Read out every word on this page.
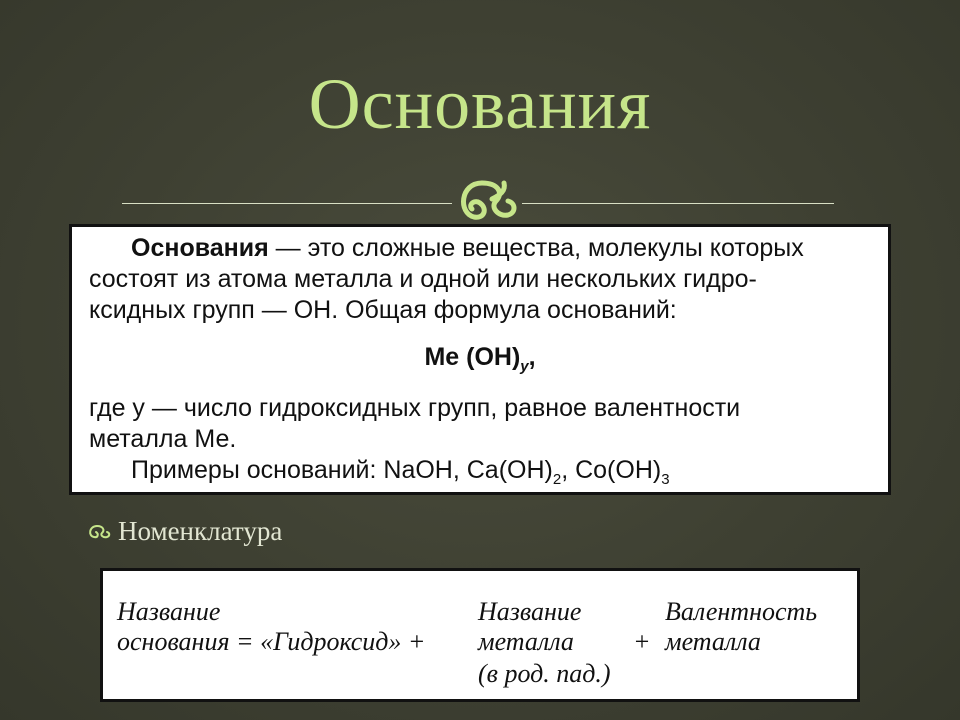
Основания
Основания — это сложные вещества, молекулы которых
состоят из атома металла и одной или нескольких гидро-
ксидных групп — ОН. Общая формула оснований:
Ме $(ОН)_y$,
где y — число гидроксидных групп, равное валентности
металла Ме.
Примеры оснований: NaOH, $Ca(OH)_2$, $Co(OH)_3$
Номенклатура
Название
основания = «Гидроксид» +
Название
металла
(в род. пад.)
+
Валентность
металла
